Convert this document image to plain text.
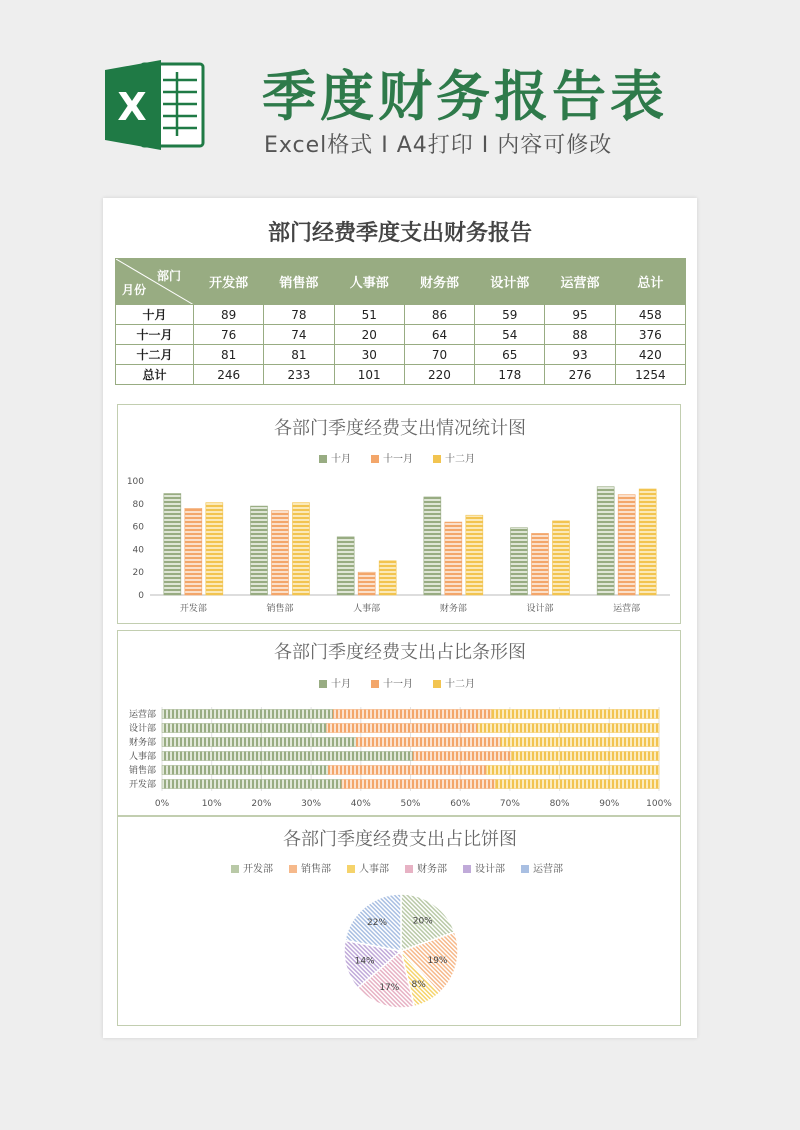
X 季度财务报告表
Excel格式 I A4打印 I 内容可修改
部门经费季度支出财务报告
部门
月份	开发部	销售部	人事部	财务部	设计部	运营部	总计
十月	89	78	51	86	59	95	458
十一月	76	74	20	64	54	88	376
十二月	81	81	30	70	65	93	420
总计	246	233	101	220	178	276	1254
各部门季度经费支出情况统计图
十月	十一月	十二月
0
20
40
60
80
100
开发部	销售部	人事部	财务部	设计部	运营部
各部门季度经费支出占比条形图
十月	十一月	十二月
0%	10%	20%	30%	40%	50%	60%	70%	80%	90%	100%
开发部
销售部
人事部
财务部
设计部
运营部
各部门季度经费支出占比饼图
开发部	销售部	人事部	财务部	设计部	运营部
20%
19%
8%
17%
14%
22%
